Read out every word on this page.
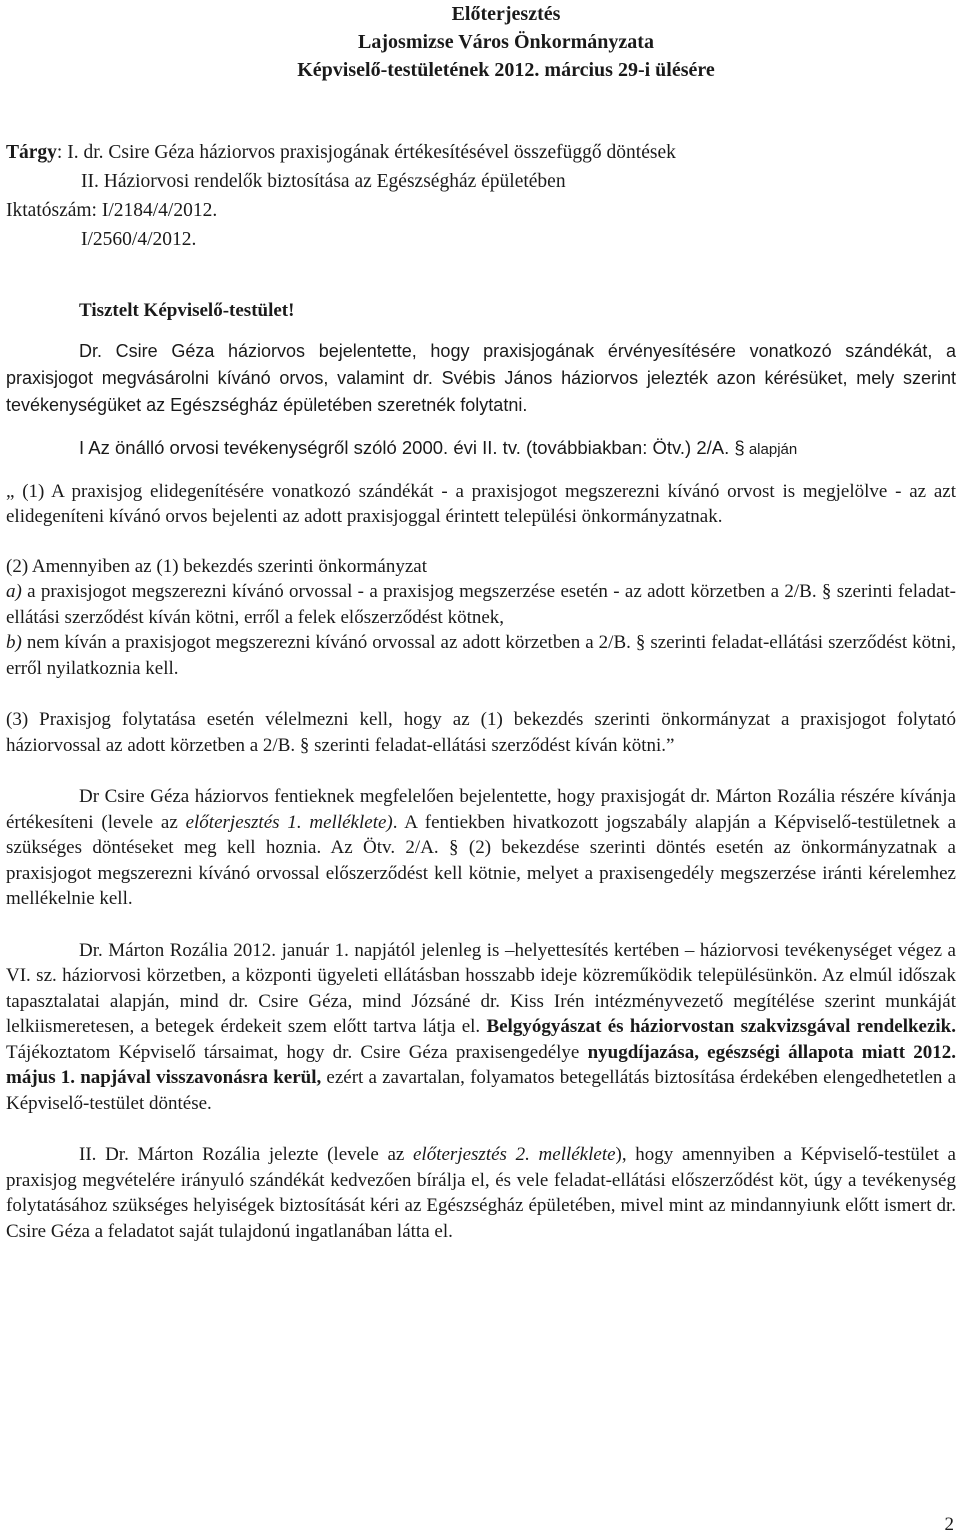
Előterjesztés

Lajosmizse Város Önkormányzata

Képviselő-testületének 2012. március 29-i ülésére

Tárgy: I. dr. Csire Géza háziorvos praxisjogának értékesítésével összefüggő döntések

II. Háziorvosi rendelők biztosítása az Egészségház épületében

Iktatószám: I/2184/4/2012.

I/2560/4/2012.

Tisztelt Képviselő-testület!

Dr. Csire Géza háziorvos bejelentette, hogy praxisjogának érvényesítésére vonatkozó szándékát, a praxisjogot megvásárolni kívánó orvos, valamint dr. Svébis János háziorvos jelezték azon kérésüket, mely szerint tevékenységüket az Egészségház épületében szeretnék folytatni.

I Az önálló orvosi tevékenységről szóló 2000. évi II. tv. (továbbiakban: Ötv.) 2/A. § alapján

„ (1) A praxisjog elidegenítésére vonatkozó szándékát - a praxisjogot megszerezni kívánó orvost is megjelölve - az azt elidegeníteni kívánó orvos bejelenti az adott praxisjoggal érintett települési önkormányzatnak.

(2) Amennyiben az (1) bekezdés szerinti önkormányzat

a) a praxisjogot megszerezni kívánó orvossal - a praxisjog megszerzése esetén - az adott körzetben a 2/B. § szerinti feladat-ellátási szerződést kíván kötni, erről a felek előszerződést kötnek,

b) nem kíván a praxisjogot megszerezni kívánó orvossal az adott körzetben a 2/B. § szerinti feladat-ellátási szerződést kötni, erről nyilatkoznia kell.

(3) Praxisjog folytatása esetén vélelmezni kell, hogy az (1) bekezdés szerinti önkormányzat a praxisjogot folytató háziorvossal az adott körzetben a 2/B. § szerinti feladat-ellátási szerződést kíván kötni.”

Dr Csire Géza háziorvos fentieknek megfelelően bejelentette, hogy praxisjogát dr. Márton Rozália részére kívánja értékesíteni (levele az előterjesztés 1. melléklete). A fentiekben hivatkozott jogszabály alapján a Képviselő-testületnek a szükséges döntéseket meg kell hoznia. Az Ötv. 2/A. § (2) bekezdése szerinti döntés esetén az önkormányzatnak a praxisjogot megszerezni kívánó orvossal előszerződést kell kötnie, melyet a praxisengedély megszerzése iránti kérelemhez mellékelnie kell.

Dr. Márton Rozália 2012. január 1. napjától jelenleg is –helyettesítés kertében – háziorvosi tevékenységet végez a VI. sz. háziorvosi körzetben, a központi ügyeleti ellátásban hosszabb ideje közreműködik településünkön. Az elmúl időszak tapasztalatai alapján, mind dr. Csire Géza, mind Józsáné dr. Kiss Irén intézményvezető megítélése szerint munkáját lelkiismeretesen, a betegek érdekeit szem előtt tartva látja el. Belgyógyászat és háziorvostan szakvizsgával rendelkezik. Tájékoztatom Képviselő társaimat, hogy dr. Csire Géza praxisengedélye nyugdíjazása, egészségi állapota miatt 2012. május 1. napjával visszavonásra kerül, ezért a zavartalan, folyamatos betegellátás biztosítása érdekében elengedhetetlen a Képviselő-testület döntése.

II. Dr. Márton Rozália jelezte (levele az előterjesztés 2. melléklete), hogy amennyiben a Képviselő-testület a praxisjog megvételére irányuló szándékát kedvezően bírálja el, és vele feladat-ellátási előszerződést köt, úgy a tevékenység folytatásához szükséges helyiségek biztosítását kéri az Egészségház épületében, mivel mint az mindannyiunk előtt ismert dr. Csire Géza a feladatot saját tulajdonú ingatlanában látta el.

2
